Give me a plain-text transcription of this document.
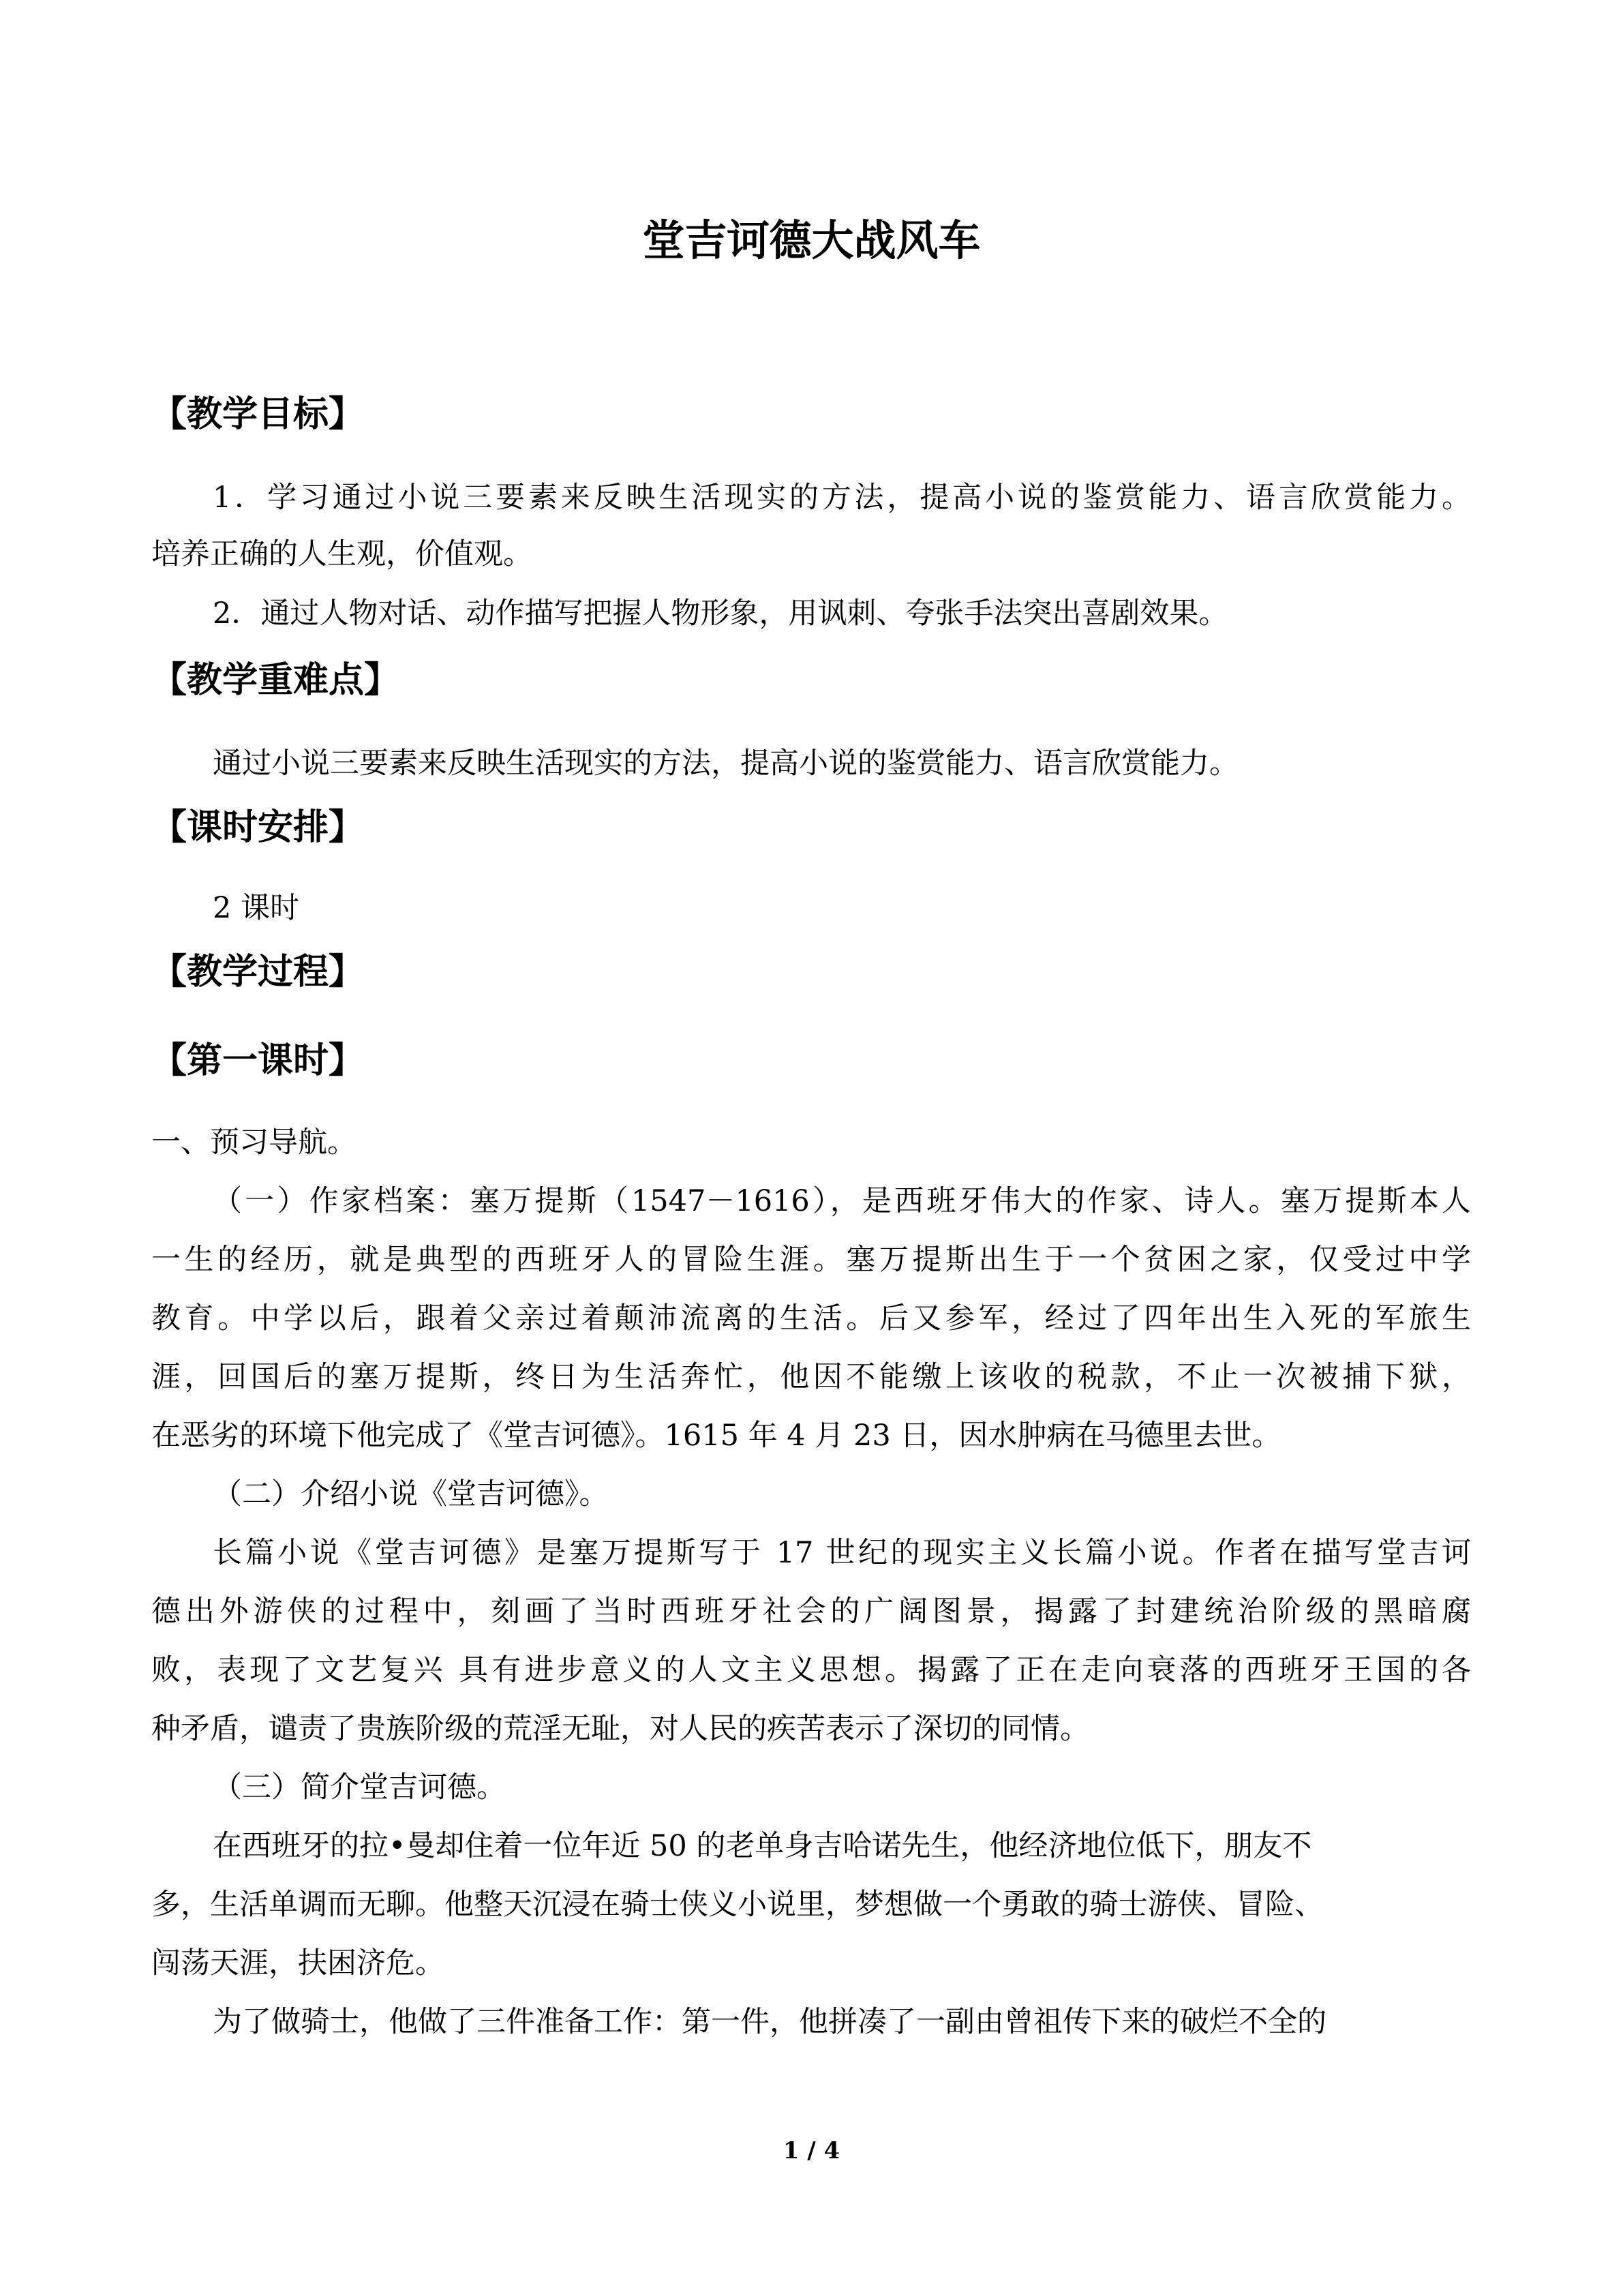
堂吉诃德大战风车
【教学目标】

1．学习通过小说三要素来反映生活现实的方法，提高小说的鉴赏能力、语言欣赏能力。

培养正确的人生观，价值观。

2．通过人物对话、动作描写把握人物形象，用讽刺、夸张手法突出喜剧效果。

【教学重难点】

通过小说三要素来反映生活现实的方法，提高小说的鉴赏能力、语言欣赏能力。

【课时安排】

2 课时

【教学过程】
【第一课时】

一、预习导航。

（一）作家档案：塞万提斯（1547－1616），是西班牙伟大的作家、诗人。塞万提斯本人

一生的经历，就是典型的西班牙人的冒险生涯。塞万提斯出生于一个贫困之家，仅受过中学

教育。中学以后，跟着父亲过着颠沛流离的生活。后又参军，经过了四年出生入死的军旅生

涯，回国后的塞万提斯，终日为生活奔忙，他因不能缴上该收的税款，不止一次被捕下狱，

在恶劣的环境下他完成了《堂吉诃德》。1615 年 4 月 23 日，因水肿病在马德里去世。

（二）介绍小说《堂吉诃德》。

长篇小说《堂吉诃德》是塞万提斯写于 17 世纪的现实主义长篇小说。作者在描写堂吉诃

德出外游侠的过程中，刻画了当时西班牙社会的广阔图景，揭露了封建统治阶级的黑暗腐

败，表现了文艺复兴 具有进步意义的人文主义思想。揭露了正在走向衰落的西班牙王国的各

种矛盾，谴责了贵族阶级的荒淫无耻，对人民的疾苦表示了深切的同情。

（三）简介堂吉诃德。

在西班牙的拉•曼却住着一位年近 50 的老单身吉哈诺先生，他经济地位低下，朋友不

多，生活单调而无聊。他整天沉浸在骑士侠义小说里，梦想做一个勇敢的骑士游侠、冒险、

闯荡天涯，扶困济危。

为了做骑士，他做了三件准备工作：第一件，他拼凑了一副由曾祖传下来的破烂不全的

1 / 4
